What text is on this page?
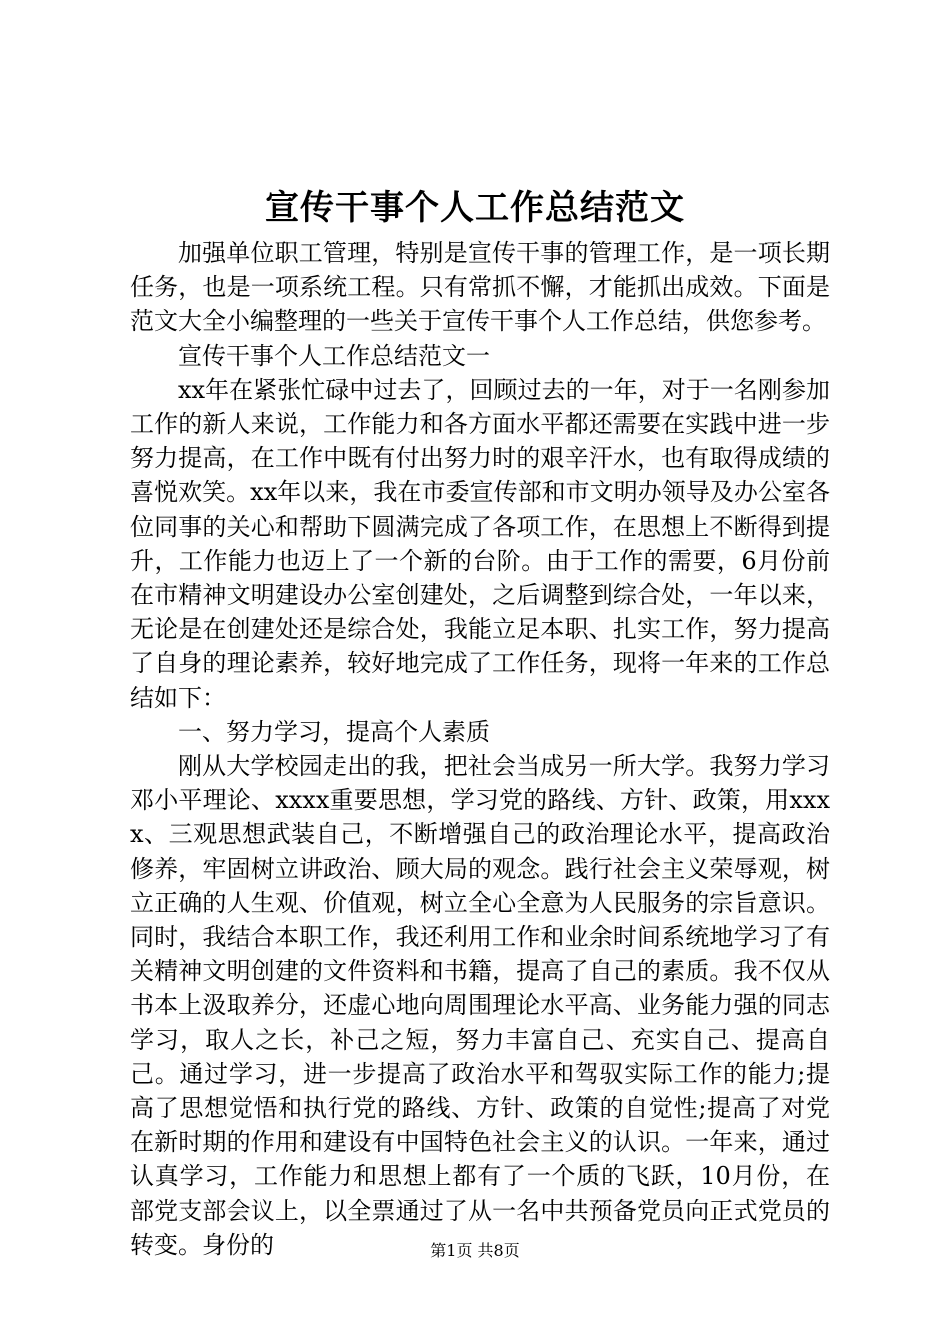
宣传干事个人工作总结范文

加强单位职工管理，特别是宣传干事的管理工作，是一项长期任务，也是一项系统工程。只有常抓不懈，才能抓出成效。下面是范文大全小编整理的一些关于宣传干事个人工作总结，供您参考。

宣传干事个人工作总结范文一

xx年在紧张忙碌中过去了，回顾过去的一年，对于一名刚参加工作的新人来说，工作能力和各方面水平都还需要在实践中进一步努力提高，在工作中既有付出努力时的艰辛汗水，也有取得成绩的喜悦欢笑。xx年以来，我在市委宣传部和市文明办领导及办公室各位同事的关心和帮助下圆满完成了各项工作，在思想上不断得到提升，工作能力也迈上了一个新的台阶。由于工作的需要，6月份前在市精神文明建设办公室创建处，之后调整到综合处，一年以来，无论是在创建处还是综合处，我能立足本职、扎实工作，努力提高了自身的理论素养，较好地完成了工作任务，现将一年来的工作总结如下：

一、努力学习，提高个人素质

刚从大学校园走出的我，把社会当成另一所大学。我努力学习邓小平理论、xxxx重要思想，学习党的路线、方针、政策，用xxxx、三观思想武装自己，不断增强自己的政治理论水平，提高政治修养，牢固树立讲政治、顾大局的观念。践行社会主义荣辱观，树立正确的人生观、价值观，树立全心全意为人民服务的宗旨意识。同时，我结合本职工作，我还利用工作和业余时间系统地学习了有关精神文明创建的文件资料和书籍，提高了自己的素质。我不仅从书本上汲取养分，还虚心地向周围理论水平高、业务能力强的同志学习，取人之长，补己之短，努力丰富自己、充实自己、提高自己。通过学习，进一步提高了政治水平和驾驭实际工作的能力;提高了思想觉悟和执行党的路线、方针、政策的自觉性;提高了对党在新时期的作用和建设有中国特色社会主义的认识。一年来，通过认真学习，工作能力和思想上都有了一个质的飞跃，10月份，在部党支部会议上，以全票通过了从一名中共预备党员向正式党员的转变。身份的	第1页 共8页
